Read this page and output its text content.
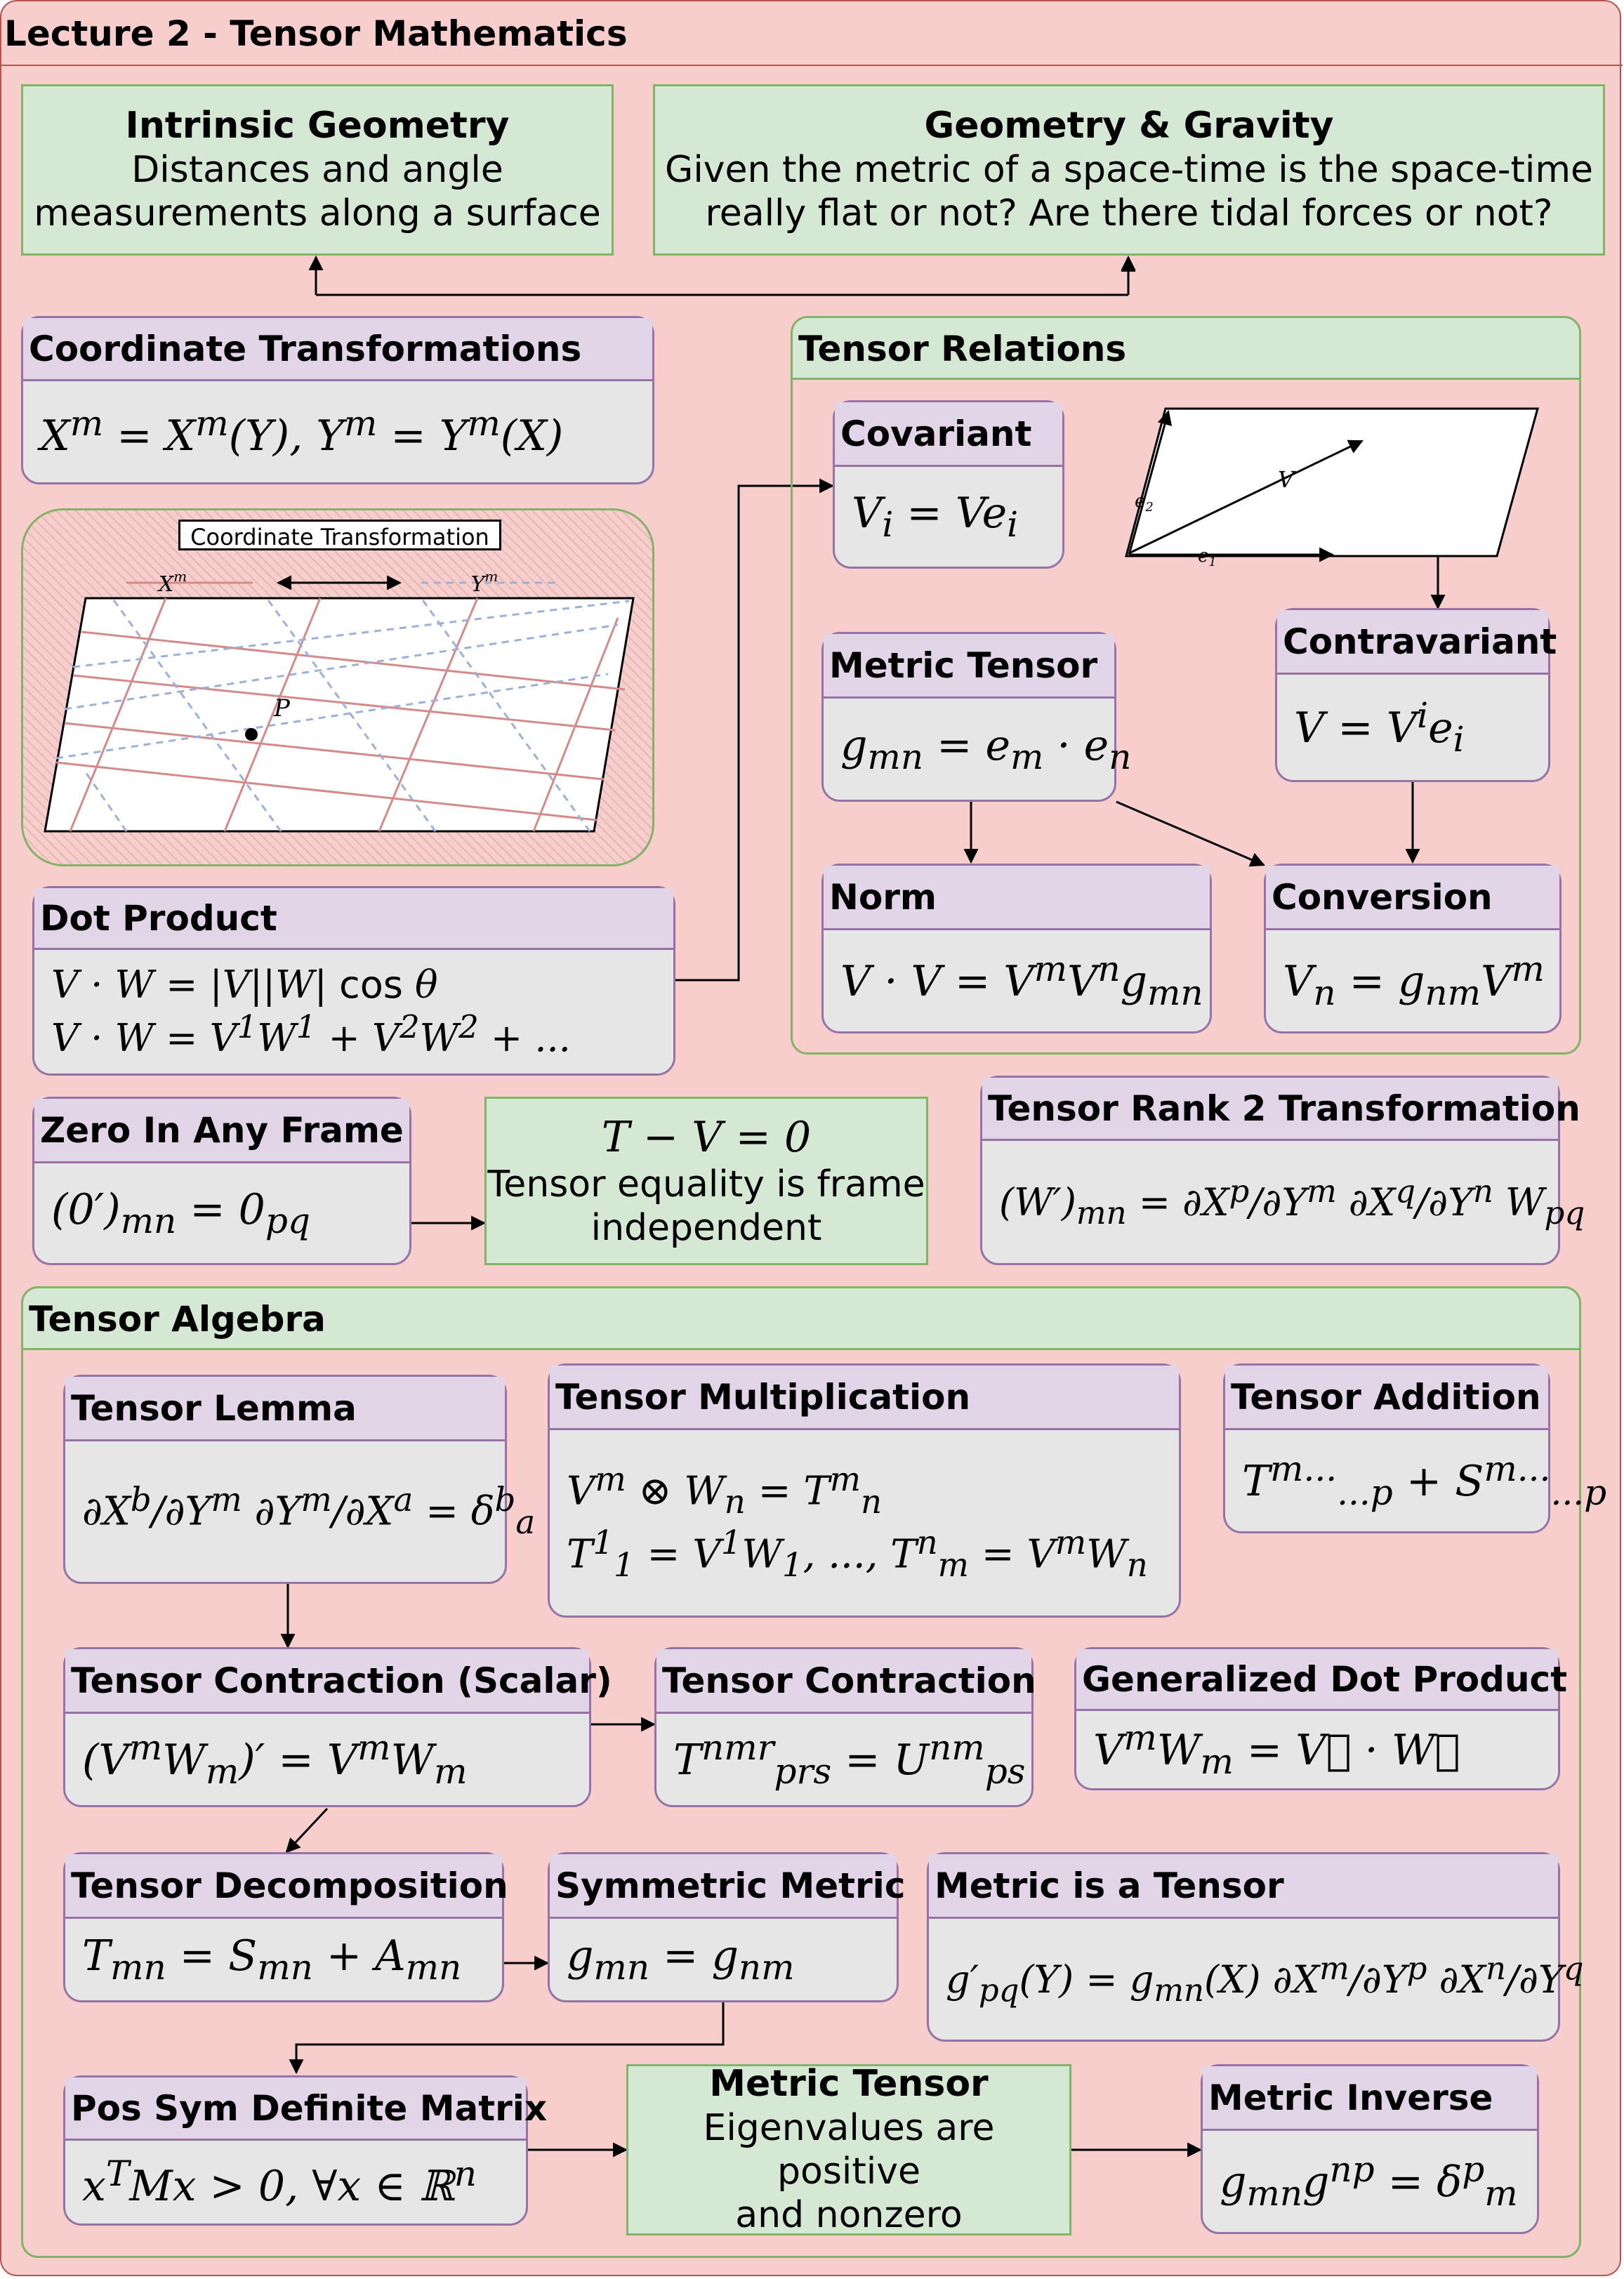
Lecture 2 - Tensor Mathematics
Intrinsic Geometry
Distances and angle
measurements along a surface
Geometry & Gravity
Given the metric of a space-time is the space-time
really flat or not? Are there tidal forces or not?
T − V = 0
Tensor equality is frame
independent
Tensor Relations
Tensor Algebra
Coordinate Transformations
$X^m = X^m(Y)$, $Y^m = Y^m(X)$
Coordinate Transformation
$X^m$	$Y^m$
P
V
$e_1$
$e_2$
Dot Product
V · W = |V||W| cos θ
$V \cdot W = V^1W^1 + V^2W^2$ + ...
Zero In Any Frame
$(0')_{mn} = 0_{pq}$
Tensor Rank 2 Transformation
$(W')_{mn} = \partial X^p/\partial Y^m$ $\partial X^q/\partial Y^n$ $W_{pq}$
Covariant
$V_i = Ve_i$
Contravariant
$V = V^ie_i$
Metric Tensor
$g_{mn} = e_m \cdot e_n$
Norm
$V \cdot V = V^mV^ng_{mn}$
Conversion
$V_n = g_{nm}V^m$
Tensor Lemma
$\partial X^b/\partial Y^m$ $\partial Y^m/\partial X^a = \delta^b_a$
Tensor Multiplication
$V^m$ ⊗ $W_n = T^m_n$
$T^1_1 = V^1W_1$, ..., $T^n_m = V^mW_n$
Tensor Addition
$T^{m...}_{...p} + S^{m...}_{...p}$
Tensor Contraction (Scalar)
$(V^mW_m)' = V^mW_m$
Tensor Contraction
$T^{nmr}_{prs} = U^{nm}_{ps}$
Generalized Dot Product
$V^mW_m$ = V⃗ · W⃗
Tensor Decomposition
$T_{mn} = S_{mn} + A_{mn}$
Symmetric Metric
$g_{mn} = g_{nm}$
Metric is a Tensor
$g'_{pq}(Y) = g_{mn}(X)$ $\partial X^m/\partial Y^p$ $\partial X^n/\partial Y^q$
Pos Sym Definite Matrix
$x^TMx > 0$, ∀x ∈ ℝ$^n$
Metric Tensor
Eigenvalues are positive
and nonzero
Metric Inverse
$g_{mn}g^{np} = \delta^p_m$
